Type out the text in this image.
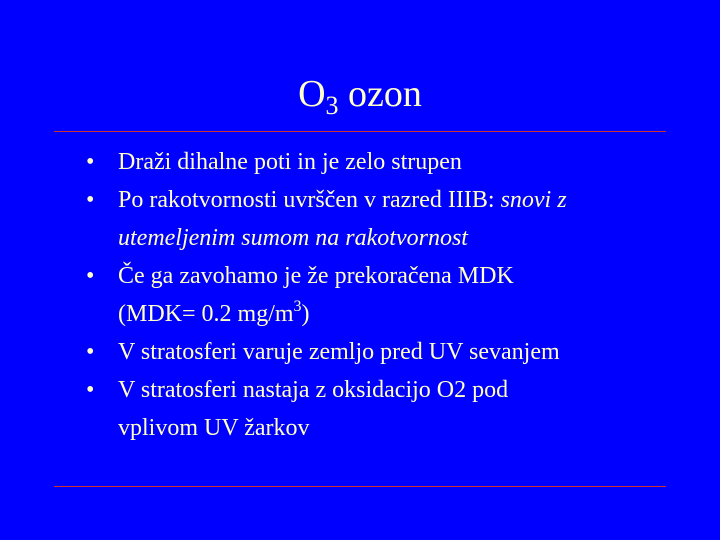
$O_3$ ozon
• Draži dihalne poti in je zelo strupen
• Po rakotvornosti uvrščen v razred IIIB: snovi z
utemeljenim sumom na rakotvornost
• Če ga zavohamo je že prekoračena MDK
(MDK= 0.2 $mg/m^3$)
• V stratosferi varuje zemljo pred UV sevanjem
• V stratosferi nastaja z oksidacijo O2 pod
vplivom UV žarkov
